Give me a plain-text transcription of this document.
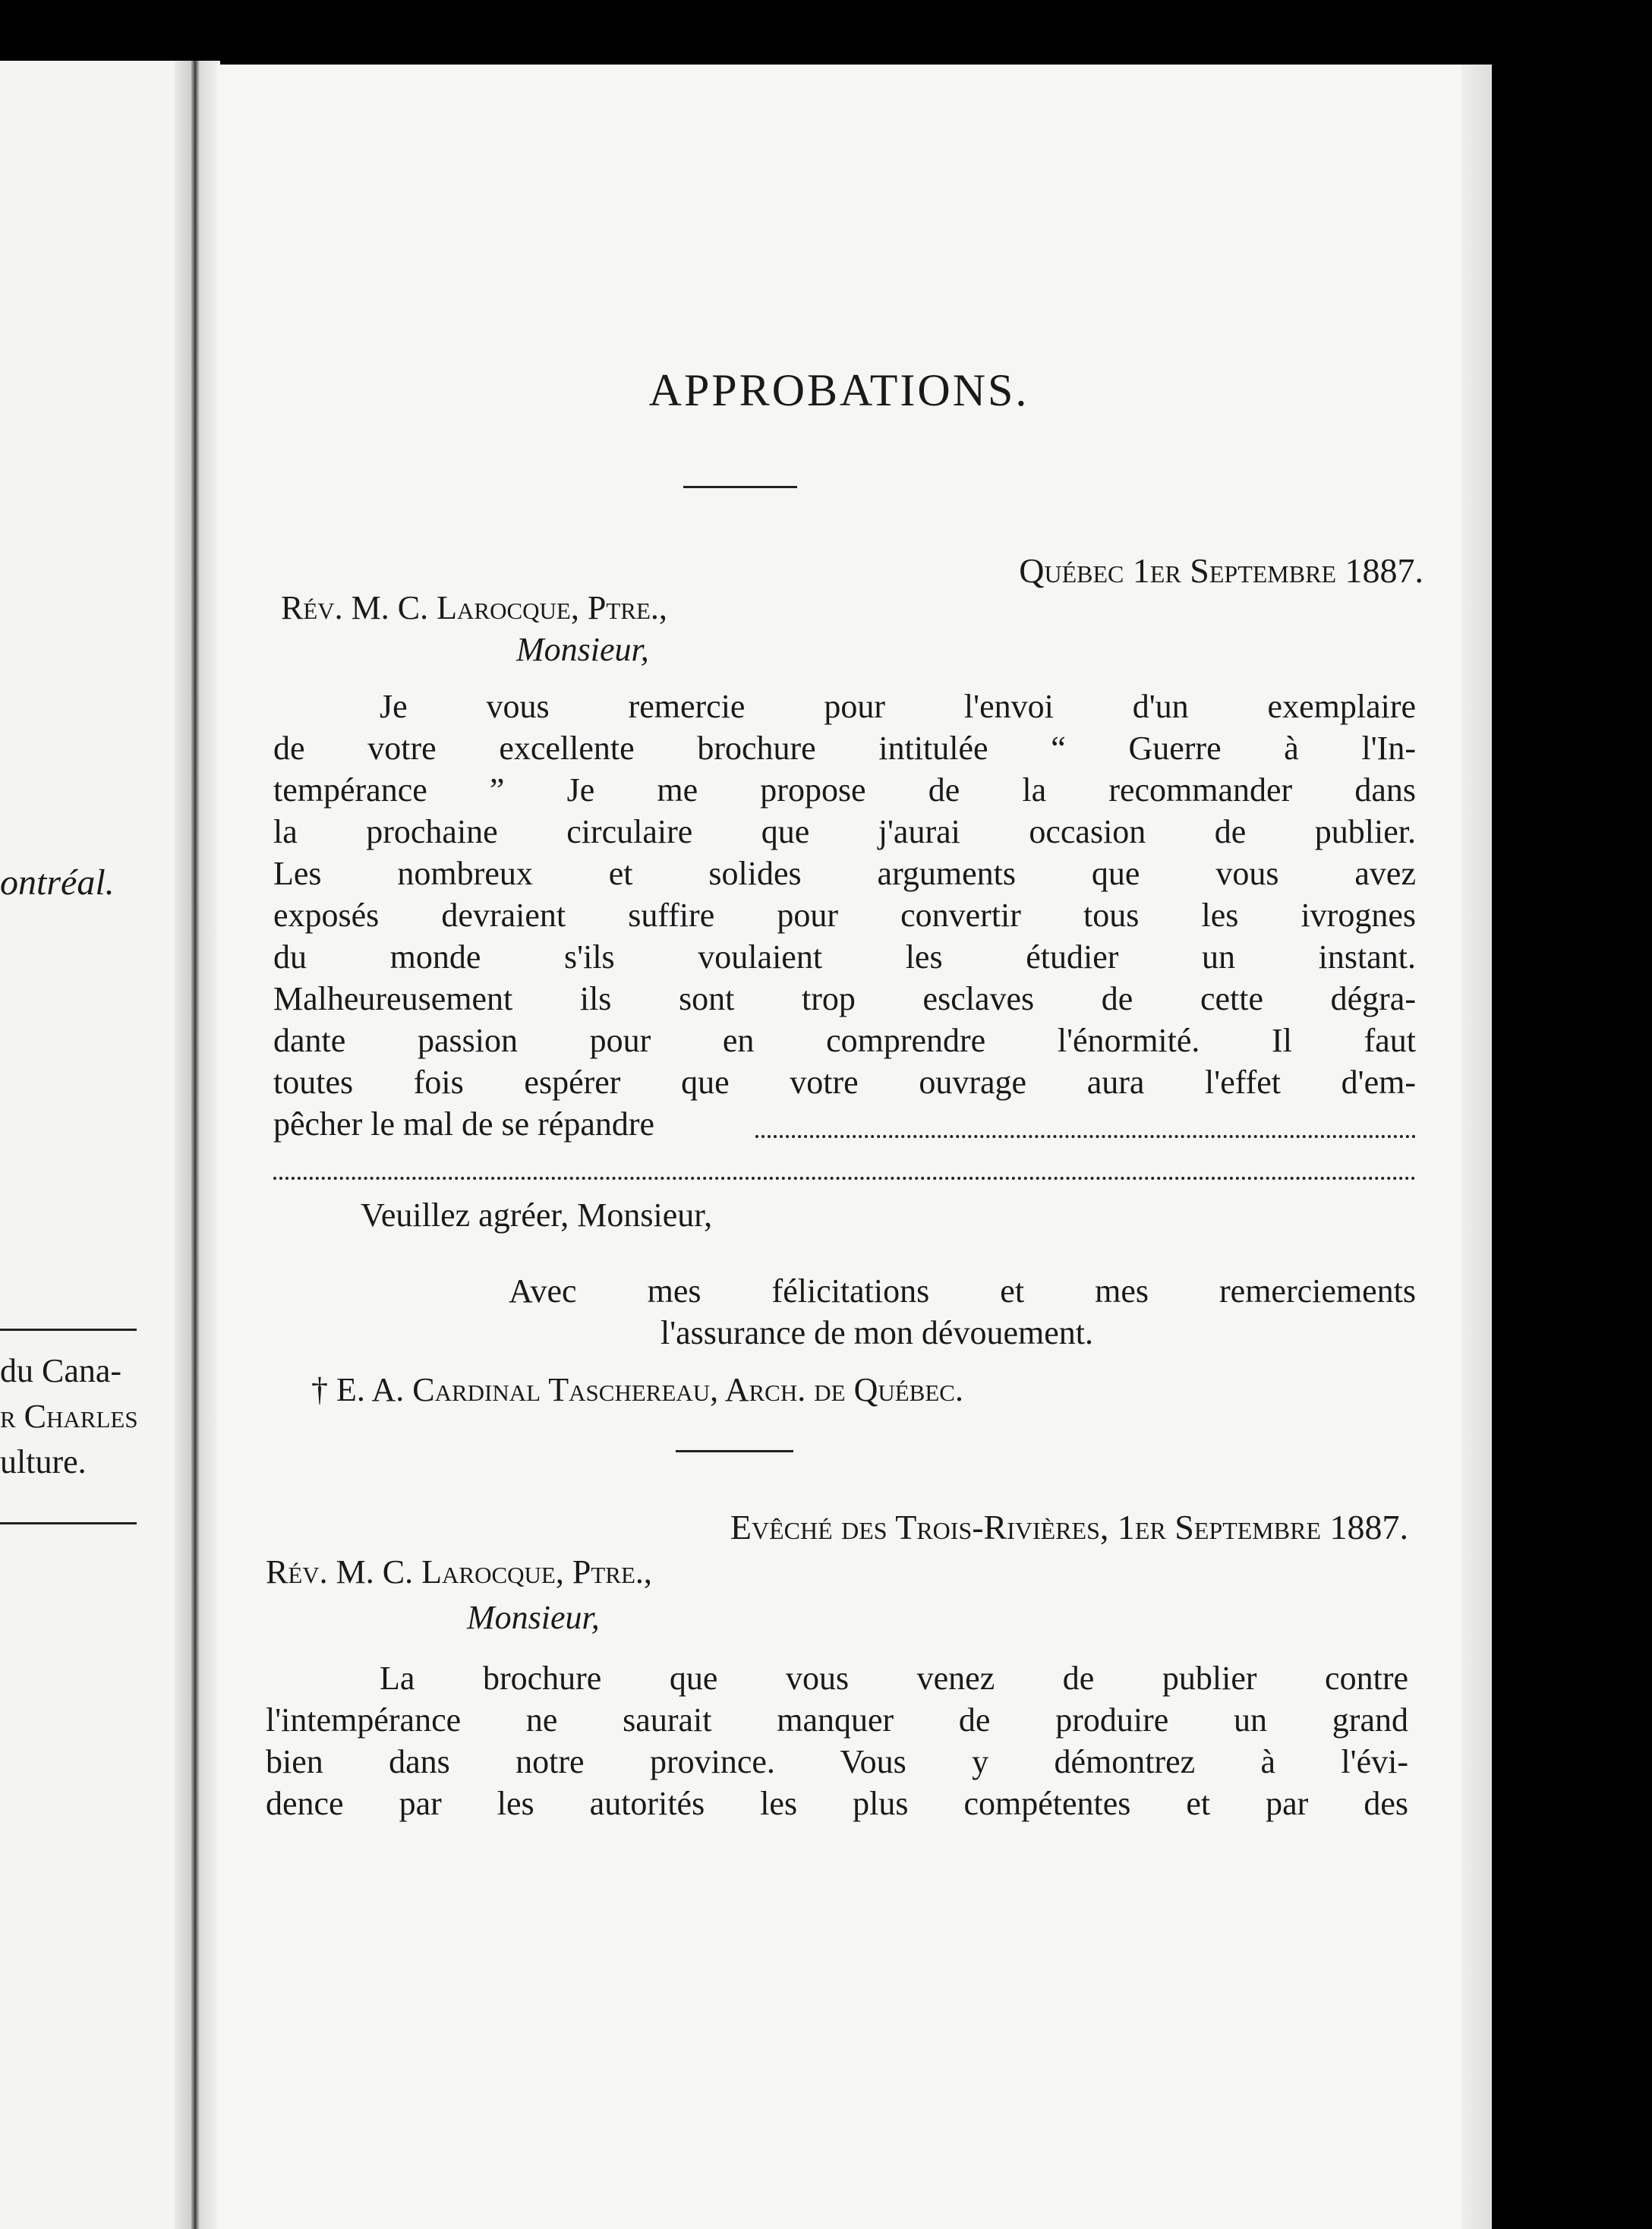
ontréal.
du Cana-
r Charles
ulture.
APPROBATIONS.
Québec 1er Septembre 1887.
Rév. M. C. Larocque, Ptre.,
Monsieur,
Je vous remercie pour l'envoi d'un exemplaire
de votre excellente brochure intitulée “ Guerre à l'In-
tempérance ” Je me propose de la recommander dans
la prochaine circulaire que j'aurai occasion de publier.
Les nombreux et solides arguments que vous avez
exposés devraient suffire pour convertir tous les ivrognes
du monde s'ils voulaient les étudier un instant.
Malheureusement ils sont trop esclaves de cette dégra-
dante passion pour en comprendre l'énormité. Il faut
toutes fois espérer que votre ouvrage aura l'effet d'em-
pêcher le mal de se répandre
Veuillez agréer, Monsieur,
Avec mes félicitations et mes remerciements
l'assurance de mon dévouement.
† E. A. Cardinal Taschereau, Arch. de Québec.
Evêché des Trois-Rivières, 1er Septembre 1887.
Rév. M. C. Larocque, Ptre.,
Monsieur,
La brochure que vous venez de publier contre
l'intempérance ne saurait manquer de produire un grand
bien dans notre province. Vous y démontrez à l'évi-
dence par les autorités les plus compétentes et par des
